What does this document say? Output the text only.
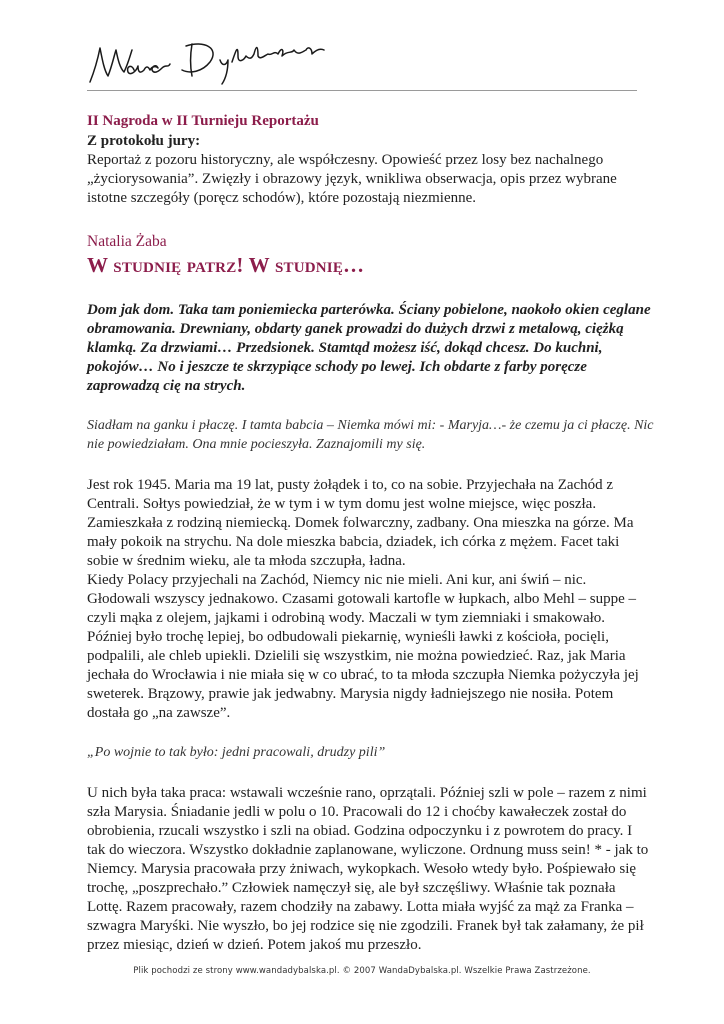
II Nagroda w II Turnieju Reportażu

Z protokołu jury:

Reportaż z pozoru historyczny, ale współczesny. Opowieść przez losy bez nachalnego
„życiorysowania”. Zwięzły i obrazowy język, wnikliwa obserwacja, opis przez wybrane
istotne szczegóły (poręcz schodów), które pozostają niezmienne.

Natalia Żaba

W studnię patrz! W studnię…

Dom jak dom. Taka tam poniemiecka parterówka. Ściany pobielone, naokoło okien ceglane
obramowania. Drewniany, obdarty ganek prowadzi do dużych drzwi z metalową, ciężką
klamką. Za drzwiami… Przedsionek. Stamtąd możesz iść, dokąd chcesz. Do kuchni,
pokojów… No i jeszcze te skrzypiące schody po lewej. Ich obdarte z farby poręcze
zaprowadzą cię na strych.

Siadłam na ganku i płaczę. I tamta babcia – Niemka mówi mi: - Maryja…- że czemu ja ci płaczę. Nic
nie powiedziałam. Ona mnie pocieszyła. Zaznajomili my się.

Jest rok 1945. Maria ma 19 lat, pusty żołądek i to, co na sobie. Przyjechała na Zachód z
Centrali. Sołtys powiedział, że w tym i w tym domu jest wolne miejsce, więc poszła.
Zamieszkała z rodziną niemiecką. Domek folwarczny, zadbany. Ona mieszka na górze. Ma
mały pokoik na strychu. Na dole mieszka babcia, dziadek, ich córka z mężem. Facet taki
sobie w średnim wieku, ale ta młoda szczupła, ładna.
Kiedy Polacy przyjechali na Zachód, Niemcy nic nie mieli. Ani kur, ani świń – nic.
Głodowali wszyscy jednakowo. Czasami gotowali kartofle w łupkach, albo Mehl – suppe –
czyli mąka z olejem, jajkami i odrobiną wody. Maczali w tym ziemniaki i smakowało.
Później było trochę lepiej, bo odbudowali piekarnię, wynieśli ławki z kościoła, pocięli,
podpalili, ale chleb upiekli. Dzielili się wszystkim, nie można powiedzieć. Raz, jak Maria
jechała do Wrocławia i nie miała się w co ubrać, to ta młoda szczupła Niemka pożyczyła jej
sweterek. Brązowy, prawie jak jedwabny. Marysia nigdy ładniejszego nie nosiła. Potem
dostała go „na zawsze”.

„Po wojnie to tak było: jedni pracowali, drudzy pili”

U nich była taka praca: wstawali wcześnie rano, oprzątali. Później szli w pole – razem z nimi
szła Marysia. Śniadanie jedli w polu o 10. Pracowali do 12 i choćby kawałeczek został do
obrobienia, rzucali wszystko i szli na obiad. Godzina odpoczynku i z powrotem do pracy. I
tak do wieczora. Wszystko dokładnie zaplanowane, wyliczone. Ordnung muss sein! * - jak to
Niemcy. Marysia pracowała przy żniwach, wykopkach. Wesoło wtedy było. Pośpiewało się
trochę, „poszprechało.” Człowiek namęczył się, ale był szczęśliwy. Właśnie tak poznała
Lottę. Razem pracowały, razem chodziły na zabawy. Lotta miała wyjść za mąż za Franka –
szwagra Maryśki. Nie wyszło, bo jej rodzice się nie zgodzili. Franek był tak załamany, że pił
przez miesiąc, dzień w dzień. Potem jakoś mu przeszło.

Plik pochodzi ze strony www.wandadybalska.pl. © 2007 WandaDybalska.pl. Wszelkie Prawa Zastrzeżone.
